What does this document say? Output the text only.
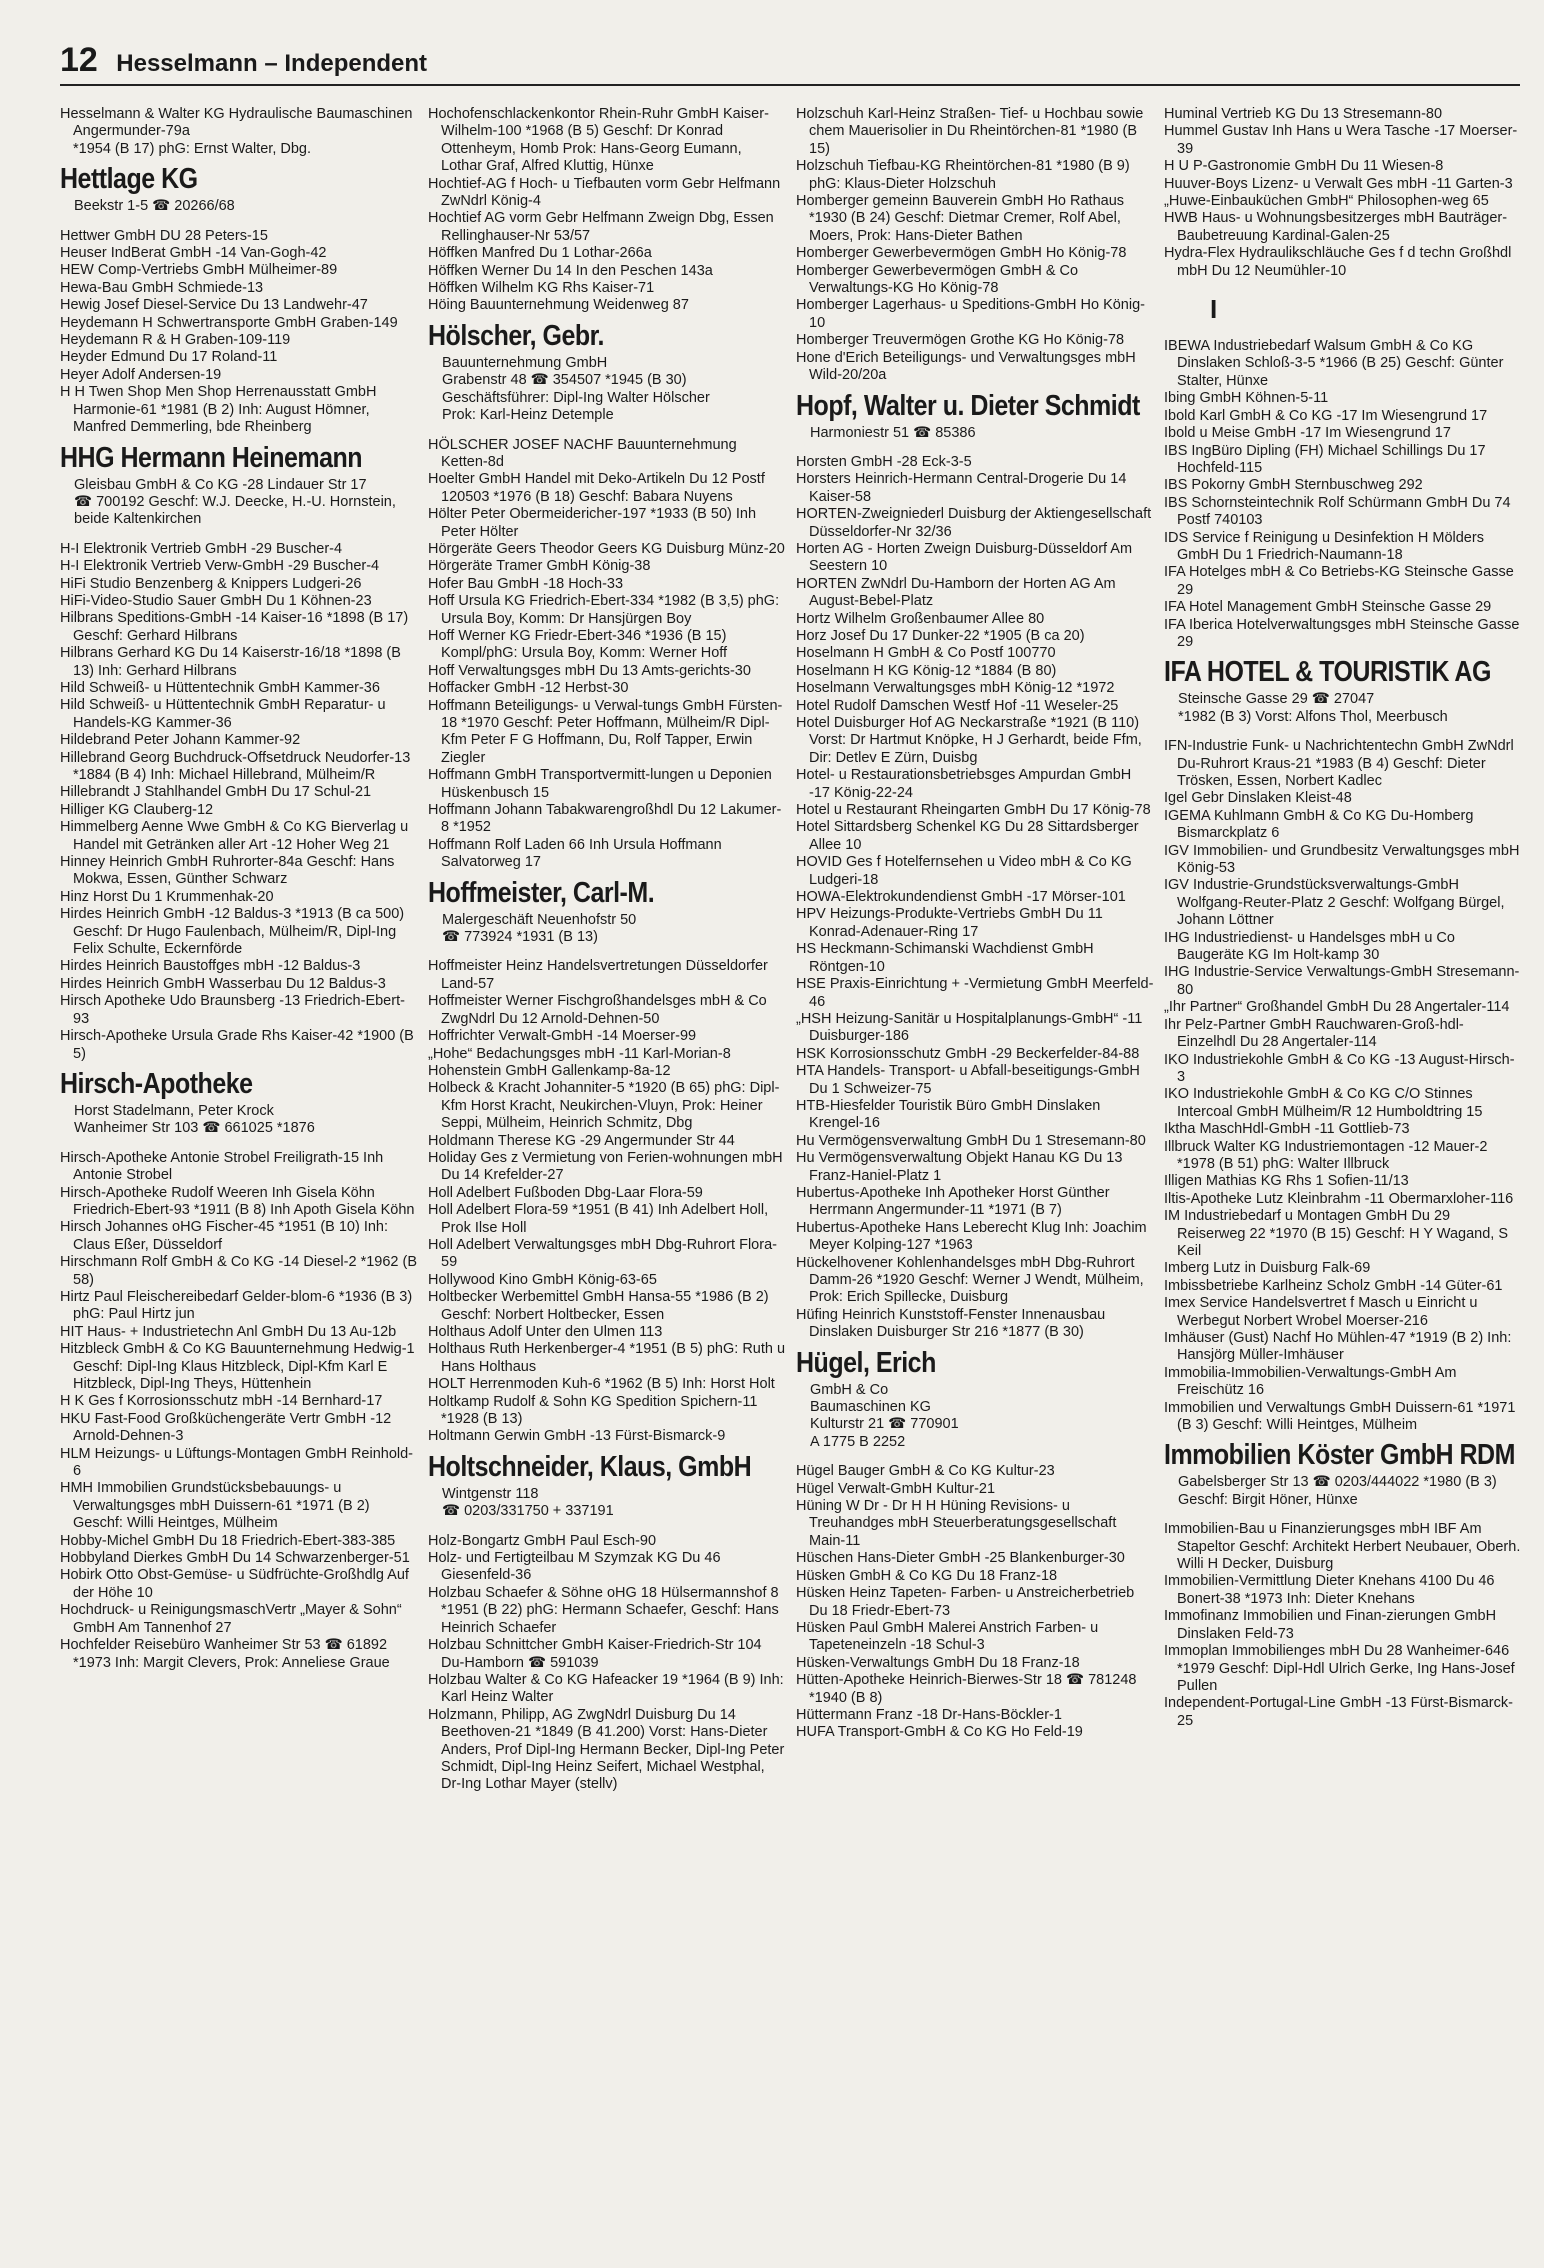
12 Hesselmann – Independent
Hesselmann & Walter KG Hydraulische Baumaschinen Angermunder-79a
*1954 (B 17) phG: Ernst Walter, Dbg.
Hettlage KG
Beekstr 1-5 ☎ 20266/68
Hettwer GmbH DU 28 Peters-15
Heuser IndBerat GmbH -14 Van-Gogh-42
HEW Comp-Vertriebs GmbH Mülheimer-89
Hewa-Bau GmbH Schmiede-13
Hewig Josef Diesel-Service Du 13 Landwehr-47
Heydemann H Schwertransporte GmbH Graben-149
Heydemann R & H Graben-109-119
Heyder Edmund Du 17 Roland-11
Heyer Adolf Andersen-19
H H Twen Shop Men Shop Herrenausstatt GmbH Harmonie-61 *1981 (B 2) Inh: August Hömner, Manfred Demmerling, bde Rheinberg
HHG Hermann Heinemann
Gleisbau GmbH & Co KG -28 Lindauer Str 17
☎ 700192 Geschf: W.J. Deecke, H.-U. Hornstein, beide Kaltenkirchen
H-I Elektronik Vertrieb GmbH -29 Buscher-4
H-I Elektronik Vertrieb Verw-GmbH -29 Buscher-4
HiFi Studio Benzenberg & Knippers Ludgeri-26
HiFi-Video-Studio Sauer GmbH Du 1 Köhnen-23
Hilbrans Speditions-GmbH -14 Kaiser-16 *1898 (B 17) Geschf: Gerhard Hilbrans
Hilbrans Gerhard KG Du 14 Kaiserstr-16/18 *1898 (B 13) Inh: Gerhard Hilbrans
Hild Schweiß- u Hüttentechnik GmbH Kammer-36
Hild Schweiß- u Hüttentechnik GmbH Reparatur- u Handels-KG Kammer-36
Hildebrand Peter Johann Kammer-92
Hillebrand Georg Buchdruck-Offsetdruck Neudorfer-13 *1884 (B 4) Inh: Michael Hillebrand, Mülheim/R
Hillebrandt J Stahlhandel GmbH Du 17 Schul-21
Hilliger KG Clauberg-12
Himmelberg Aenne Wwe GmbH & Co KG Bierverlag u Handel mit Getränken aller Art -12 Hoher Weg 21
Hinney Heinrich GmbH Ruhrorter-84a Geschf: Hans Mokwa, Essen, Günther Schwarz
Hinz Horst Du 1 Krummenhak-20
Hirdes Heinrich GmbH -12 Baldus-3 *1913 (B ca 500) Geschf: Dr Hugo Faulenbach, Mülheim/R, Dipl-Ing Felix Schulte, Eckernförde
Hirdes Heinrich Baustoffges mbH -12 Baldus-3
Hirdes Heinrich GmbH Wasserbau Du 12 Baldus-3
Hirsch Apotheke Udo Braunsberg -13 Friedrich-Ebert-93
Hirsch-Apotheke Ursula Grade Rhs Kaiser-42 *1900 (B 5)
Hirsch-Apotheke
Horst Stadelmann, Peter Krock
Wanheimer Str 103 ☎ 661025 *1876
Hirsch-Apotheke Antonie Strobel Freiligrath-15 Inh Antonie Strobel
Hirsch-Apotheke Rudolf Weeren Inh Gisela Köhn Friedrich-Ebert-93 *1911 (B 8) Inh Apoth Gisela Köhn
Hirsch Johannes oHG Fischer-45 *1951 (B 10) Inh: Claus Eßer, Düsseldorf
Hirschmann Rolf GmbH & Co KG -14 Diesel-2 *1962 (B 58)
Hirtz Paul Fleischereibedarf Gelder-blom-6 *1936 (B 3) phG: Paul Hirtz jun
HIT Haus- + Industrietechn Anl GmbH Du 13 Au-12b
Hitzbleck GmbH & Co KG Bauunternehmung Hedwig-1 Geschf: Dipl-Ing Klaus Hitzbleck, Dipl-Kfm Karl E Hitzbleck, Dipl-Ing Theys, Hüttenhein
H K Ges f Korrosionsschutz mbH -14 Bernhard-17
HKU Fast-Food Großküchengeräte Vertr GmbH -12 Arnold-Dehnen-3
HLM Heizungs- u Lüftungs-Montagen GmbH Reinhold-6
HMH Immobilien Grundstücksbebauungs- u Verwaltungsges mbH Duissern-61 *1971 (B 2) Geschf: Willi Heintges, Mülheim
Hobby-Michel GmbH Du 18 Friedrich-Ebert-383-385
Hobbyland Dierkes GmbH Du 14 Schwarzenberger-51
Hobirk Otto Obst-Gemüse- u Südfrüchte-Großhdlg Auf der Höhe 10
Hochdruck- u ReinigungsmaschVertr „Mayer & Sohn“ GmbH Am Tannenhof 27
Hochfelder Reisebüro Wanheimer Str 53 ☎ 61892 *1973 Inh: Margit Clevers, Prok: Anneliese Graue
Hochofenschlackenkontor Rhein-Ruhr GmbH Kaiser-Wilhelm-100 *1968 (B 5) Geschf: Dr Konrad Ottenheym, Homb Prok: Hans-Georg Eumann, Lothar Graf, Alfred Kluttig, Hünxe
Hochtief-AG f Hoch- u Tiefbauten vorm Gebr Helfmann ZwNdrl König-4
Hochtief AG vorm Gebr Helfmann Zweign Dbg, Essen Rellinghauser-Nr 53/57
Höffken Manfred Du 1 Lothar-266a
Höffken Werner Du 14 In den Peschen 143a
Höffken Wilhelm KG Rhs Kaiser-71
Höing Bauunternehmung Weidenweg 87
Hölscher, Gebr.
Bauunternehmung GmbH
Grabenstr 48 ☎ 354507 *1945 (B 30)
Geschäftsführer: Dipl-Ing Walter Hölscher
Prok: Karl-Heinz Detemple
HÖLSCHER JOSEF NACHF Bauunternehmung Ketten-8d
Hoelter GmbH Handel mit Deko-Artikeln Du 12 Postf 120503 *1976 (B 18) Geschf: Babara Nuyens
Hölter Peter Obermeidericher-197 *1933 (B 50) Inh Peter Hölter
Hörgeräte Geers Theodor Geers KG Duisburg Münz-20
Hörgeräte Tramer GmbH König-38
Hofer Bau GmbH -18 Hoch-33
Hoff Ursula KG Friedrich-Ebert-334 *1982 (B 3,5) phG: Ursula Boy, Komm: Dr Hansjürgen Boy
Hoff Werner KG Friedr-Ebert-346 *1936 (B 15) Kompl/phG: Ursula Boy, Komm: Werner Hoff
Hoff Verwaltungsges mbH Du 13 Amts-gerichts-30
Hoffacker GmbH -12 Herbst-30
Hoffmann Beteiligungs- u Verwal-tungs GmbH Fürsten-18 *1970 Geschf: Peter Hoffmann, Mülheim/R Dipl-Kfm Peter F G Hoffmann, Du, Rolf Tapper, Erwin Ziegler
Hoffmann GmbH Transportvermitt-lungen u Deponien Hüskenbusch 15
Hoffmann Johann Tabakwarengroßhdl Du 12 Lakumer-8 *1952
Hoffmann Rolf Laden 66 Inh Ursula Hoffmann Salvatorweg 17
Hoffmeister, Carl-M.
Malergeschäft Neuenhofstr 50
☎ 773924 *1931 (B 13)
Hoffmeister Heinz Handelsvertretungen Düsseldorfer Land-57
Hoffmeister Werner Fischgroßhandelsges mbH & Co ZwgNdrl Du 12 Arnold-Dehnen-50
Hoffrichter Verwalt-GmbH -14 Moerser-99
„Hohe“ Bedachungsges mbH -11 Karl-Morian-8
Hohenstein GmbH Gallenkamp-8a-12
Holbeck & Kracht Johanniter-5 *1920 (B 65) phG: Dipl-Kfm Horst Kracht, Neukirchen-Vluyn, Prok: Heiner Seppi, Mülheim, Heinrich Schmitz, Dbg
Holdmann Therese KG -29 Angermunder Str 44
Holiday Ges z Vermietung von Ferien-wohnungen mbH Du 14 Krefelder-27
Holl Adelbert Fußboden Dbg-Laar Flora-59
Holl Adelbert Flora-59 *1951 (B 41) Inh Adelbert Holl, Prok Ilse Holl
Holl Adelbert Verwaltungsges mbH Dbg-Ruhrort Flora-59
Hollywood Kino GmbH König-63-65
Holtbecker Werbemittel GmbH Hansa-55 *1986 (B 2) Geschf: Norbert Holtbecker, Essen
Holthaus Adolf Unter den Ulmen 113
Holthaus Ruth Herkenberger-4 *1951 (B 5) phG: Ruth u Hans Holthaus
HOLT Herrenmoden Kuh-6 *1962 (B 5) Inh: Horst Holt
Holtkamp Rudolf & Sohn KG Spedition Spichern-11 *1928 (B 13)
Holtmann Gerwin GmbH -13 Fürst-Bismarck-9
Holtschneider, Klaus, GmbH
Wintgenstr 118
☎ 0203/331750 + 337191
Holz-Bongartz GmbH Paul Esch-90
Holz- und Fertigteilbau M Szymzak KG Du 46 Giesenfeld-36
Holzbau Schaefer & Söhne oHG 18 Hülsermannshof 8 *1951 (B 22) phG: Hermann Schaefer, Geschf: Hans Heinrich Schaefer
Holzbau Schnittcher GmbH Kaiser-Friedrich-Str 104 Du-Hamborn ☎ 591039
Holzbau Walter & Co KG Hafeacker 19 *1964 (B 9) Inh: Karl Heinz Walter
Holzmann, Philipp, AG ZwgNdrl Duisburg Du 14 Beethoven-21 *1849 (B 41.200) Vorst: Hans-Dieter Anders, Prof Dipl-Ing Hermann Becker, Dipl-Ing Peter Schmidt, Dipl-Ing Heinz Seifert, Michael Westphal, Dr-Ing Lothar Mayer (stellv)
Holzschuh Karl-Heinz Straßen- Tief- u Hochbau sowie chem Mauerisolier in Du Rheintörchen-81 *1980 (B 15)
Holzschuh Tiefbau-KG Rheintörchen-81 *1980 (B 9) phG: Klaus-Dieter Holzschuh
Homberger gemeinn Bauverein GmbH Ho Rathaus *1930 (B 24) Geschf: Dietmar Cremer, Rolf Abel, Moers, Prok: Hans-Dieter Bathen
Homberger Gewerbevermögen GmbH Ho König-78
Homberger Gewerbevermögen GmbH & Co Verwaltungs-KG Ho König-78
Homberger Lagerhaus- u Speditions-GmbH Ho König-10
Homberger Treuvermögen Grothe KG Ho König-78
Hone d'Erich Beteiligungs- und Verwaltungsges mbH Wild-20/20a
Hopf, Walter u. Dieter Schmidt
Harmoniestr 51 ☎ 85386
Horsten GmbH -28 Eck-3-5
Horsters Heinrich-Hermann Central-Drogerie Du 14 Kaiser-58
HORTEN-Zweigniederl Duisburg der Aktiengesellschaft Düsseldorfer-Nr 32/36
Horten AG - Horten Zweign Duisburg-Düsseldorf Am Seestern 10
HORTEN ZwNdrl Du-Hamborn der Horten AG Am August-Bebel-Platz
Hortz Wilhelm Großenbaumer Allee 80
Horz Josef Du 17 Dunker-22 *1905 (B ca 20)
Hoselmann H GmbH & Co Postf 100770
Hoselmann H KG König-12 *1884 (B 80)
Hoselmann Verwaltungsges mbH König-12 *1972
Hotel Rudolf Damschen Westf Hof -11 Weseler-25
Hotel Duisburger Hof AG Neckarstraße *1921 (B 110) Vorst: Dr Hartmut Knöpke, H J Gerhardt, beide Ffm, Dir: Detlev E Zürn, Duisbg
Hotel- u Restaurationsbetriebsges Ampurdan GmbH -17 König-22-24
Hotel u Restaurant Rheingarten GmbH Du 17 König-78
Hotel Sittardsberg Schenkel KG Du 28 Sittardsberger Allee 10
HOVID Ges f Hotelfernsehen u Video mbH & Co KG Ludgeri-18
HOWA-Elektrokundendienst GmbH -17 Mörser-101
HPV Heizungs-Produkte-Vertriebs GmbH Du 11 Konrad-Adenauer-Ring 17
HS Heckmann-Schimanski Wachdienst GmbH Röntgen-10
HSE Praxis-Einrichtung + -Vermietung GmbH Meerfeld-46
„HSH Heizung-Sanitär u Hospitalplanungs-GmbH“ -11 Duisburger-186
HSK Korrosionsschutz GmbH -29 Beckerfelder-84-88
HTA Handels- Transport- u Abfall-beseitigungs-GmbH Du 1 Schweizer-75
HTB-Hiesfelder Touristik Büro GmbH Dinslaken Krengel-16
Hu Vermögensverwaltung GmbH Du 1 Stresemann-80
Hu Vermögensverwaltung Objekt Hanau KG Du 13 Franz-Haniel-Platz 1
Hubertus-Apotheke Inh Apotheker Horst Günther Herrmann Angermunder-11 *1971 (B 7)
Hubertus-Apotheke Hans Leberecht Klug Inh: Joachim Meyer Kolping-127 *1963
Hückelhovener Kohlenhandelsges mbH Dbg-Ruhrort Damm-26 *1920 Geschf: Werner J Wendt, Mülheim, Prok: Erich Spillecke, Duisburg
Hüfing Heinrich Kunststoff-Fenster Innenausbau Dinslaken Duisburger Str 216 *1877 (B 30)
Hügel, Erich
GmbH & Co
Baumaschinen KG
Kulturstr 21 ☎ 770901
A 1775 B 2252
Hügel Bauger GmbH & Co KG Kultur-23
Hügel Verwalt-GmbH Kultur-21
Hüning W Dr - Dr H H Hüning Revisions- u Treuhandges mbH Steuerberatungsgesellschaft Main-11
Hüschen Hans-Dieter GmbH -25 Blankenburger-30
Hüsken GmbH & Co KG Du 18 Franz-18
Hüsken Heinz Tapeten- Farben- u Anstreicherbetrieb Du 18 Friedr-Ebert-73
Hüsken Paul GmbH Malerei Anstrich Farben- u Tapeteneinzeln -18 Schul-3
Hüsken-Verwaltungs GmbH Du 18 Franz-18
Hütten-Apotheke Heinrich-Bierwes-Str 18 ☎ 781248 *1940 (B 8)
Hüttermann Franz -18 Dr-Hans-Böckler-1
HUFA Transport-GmbH & Co KG Ho Feld-19
Huminal Vertrieb KG Du 13 Stresemann-80
Hummel Gustav Inh Hans u Wera Tasche -17 Moerser-39
H U P-Gastronomie GmbH Du 11 Wiesen-8
Huuver-Boys Lizenz- u Verwalt Ges mbH -11 Garten-3
„Huwe-Einbauküchen GmbH“ Philosophen-weg 65
HWB Haus- u Wohnungsbesitzerges mbH Bauträger-Baubetreuung Kardinal-Galen-25
Hydra-Flex Hydraulikschläuche Ges f d techn Großhdl mbH Du 12 Neumühler-10
I
IBEWA Industriebedarf Walsum GmbH & Co KG Dinslaken Schloß-3-5 *1966 (B 25) Geschf: Günter Stalter, Hünxe
Ibing GmbH Köhnen-5-11
Ibold Karl GmbH & Co KG -17 Im Wiesengrund 17
Ibold u Meise GmbH -17 Im Wiesengrund 17
IBS IngBüro Dipling (FH) Michael Schillings Du 17 Hochfeld-115
IBS Pokorny GmbH Sternbuschweg 292
IBS Schornsteintechnik Rolf Schürmann GmbH Du 74 Postf 740103
IDS Service f Reinigung u Desinfektion H Mölders GmbH Du 1 Friedrich-Naumann-18
IFA Hotelges mbH & Co Betriebs-KG Steinsche Gasse 29
IFA Hotel Management GmbH Steinsche Gasse 29
IFA Iberica Hotelverwaltungsges mbH Steinsche Gasse 29
IFA HOTEL & TOURISTIK AG
Steinsche Gasse 29 ☎ 27047
*1982 (B 3) Vorst: Alfons Thol, Meerbusch
IFN-Industrie Funk- u Nachrichtentechn GmbH ZwNdrl Du-Ruhrort Kraus-21 *1983 (B 4) Geschf: Dieter Trösken, Essen, Norbert Kadlec
Igel Gebr Dinslaken Kleist-48
IGEMA Kuhlmann GmbH & Co KG Du-Homberg Bismarckplatz 6
IGV Immobilien- und Grundbesitz Verwaltungsges mbH König-53
IGV Industrie-Grundstücksverwaltungs-GmbH Wolfgang-Reuter-Platz 2 Geschf: Wolfgang Bürgel, Johann Löttner
IHG Industriedienst- u Handelsges mbH u Co Baugeräte KG Im Holt-kamp 30
IHG Industrie-Service Verwaltungs-GmbH Stresemann-80
„Ihr Partner“ Großhandel GmbH Du 28 Angertaler-114
Ihr Pelz-Partner GmbH Rauchwaren-Groß-hdl-Einzelhdl Du 28 Angertaler-114
IKO Industriekohle GmbH & Co KG -13 August-Hirsch-3
IKO Industriekohle GmbH & Co KG C/O Stinnes Intercoal GmbH Mülheim/R 12 Humboldtring 15
Iktha MaschHdl-GmbH -11 Gottlieb-73
Illbruck Walter KG Industriemontagen -12 Mauer-2 *1978 (B 51) phG: Walter Illbruck
Illigen Mathias KG Rhs 1 Sofien-11/13
Iltis-Apotheke Lutz Kleinbrahm -11 Obermarxloher-116
IM Industriebedarf u Montagen GmbH Du 29 Reiserweg 22 *1970 (B 15) Geschf: H Y Wagand, S Keil
Imberg Lutz in Duisburg Falk-69
Imbissbetriebe Karlheinz Scholz GmbH -14 Güter-61
Imex Service Handelsvertret f Masch u Einricht u Werbegut Norbert Wrobel Moerser-216
Imhäuser (Gust) Nachf Ho Mühlen-47 *1919 (B 2) Inh: Hansjörg Müller-Imhäuser
Immobilia-Immobilien-Verwaltungs-GmbH Am Freischütz 16
Immobilien und Verwaltungs GmbH Duissern-61 *1971 (B 3) Geschf: Willi Heintges, Mülheim
Immobilien Köster GmbH RDM
Gabelsberger Str 13 ☎ 0203/444022 *1980 (B 3) Geschf: Birgit Höner, Hünxe
Immobilien-Bau u Finanzierungsges mbH IBF Am Stapeltor Geschf: Architekt Herbert Neubauer, Oberh. Willi H Decker, Duisburg
Immobilien-Vermittlung Dieter Knehans 4100 Du 46 Bonert-38 *1973 Inh: Dieter Knehans
Immofinanz Immobilien und Finan-zierungen GmbH Dinslaken Feld-73
Immoplan Immobilienges mbH Du 28 Wanheimer-646 *1979 Geschf: Dipl-Hdl Ulrich Gerke, Ing Hans-Josef Pullen
Independent-Portugal-Line GmbH -13 Fürst-Bismarck-25
